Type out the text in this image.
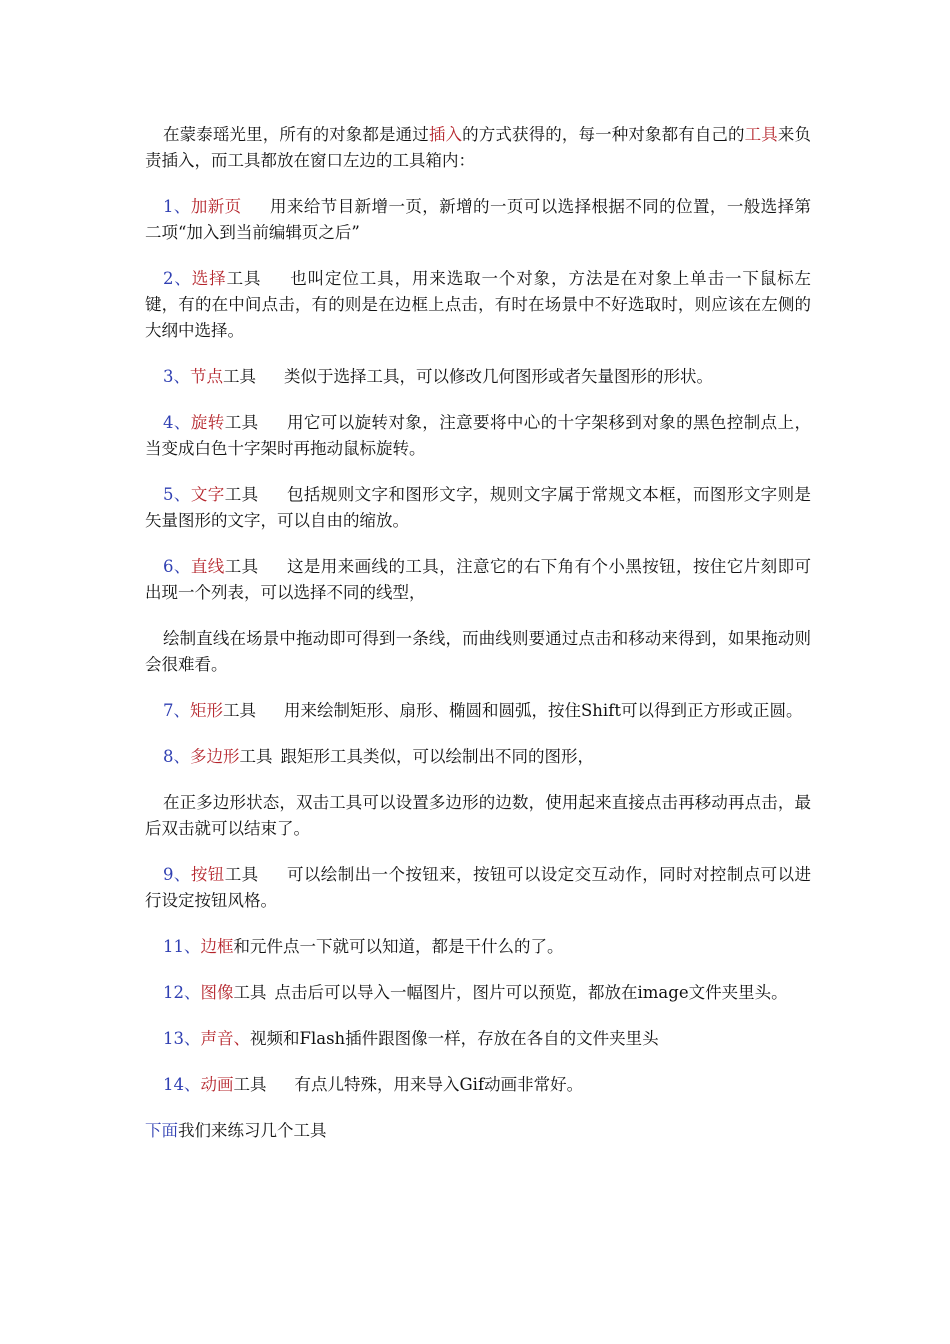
在蒙泰瑶光里，所有的对象都是通过插入的方式获得的，每一种对象都有自己的工具来负责插入，而工具都放在窗口左边的工具箱内：

1、加新页 用来给节目新增一页，新增的一页可以选择根据不同的位置，一般选择第二项“加入到当前编辑页之后”

2、选择工具 也叫定位工具，用来选取一个对象，方法是在对象上单击一下鼠标左键，有的在中间点击，有的则是在边框上点击，有时在场景中不好选取时，则应该在左侧的大纲中选择。

3、节点工具 类似于选择工具，可以修改几何图形或者矢量图形的形状。

4、旋转工具 用它可以旋转对象，注意要将中心的十字架移到对象的黑色控制点上，当变成白色十字架时再拖动鼠标旋转。

5、文字工具 包括规则文字和图形文字，规则文字属于常规文本框，而图形文字则是矢量图形的文字，可以自由的缩放。

6、直线工具 这是用来画线的工具，注意它的右下角有个小黑按钮，按住它片刻即可出现一个列表，可以选择不同的线型，

绘制直线在场景中拖动即可得到一条线，而曲线则要通过点击和移动来得到，如果拖动则会很难看。

7、矩形工具 用来绘制矩形、扇形、椭圆和圆弧，按住Shift可以得到正方形或正圆。

8、多边形工具 跟矩形工具类似，可以绘制出不同的图形，

在正多边形状态，双击工具可以设置多边形的边数，使用起来直接点击再移动再点击，最后双击就可以结束了。

9、按钮工具 可以绘制出一个按钮来，按钮可以设定交互动作，同时对控制点可以进行设定按钮风格。

11、边框和元件点一下就可以知道，都是干什么的了。

12、图像工具 点击后可以导入一幅图片，图片可以预览，都放在image文件夹里头。

13、声音、视频和Flash插件跟图像一样，存放在各自的文件夹里头

14、动画工具 有点儿特殊，用来导入Gif动画非常好。

下面我们来练习几个工具
